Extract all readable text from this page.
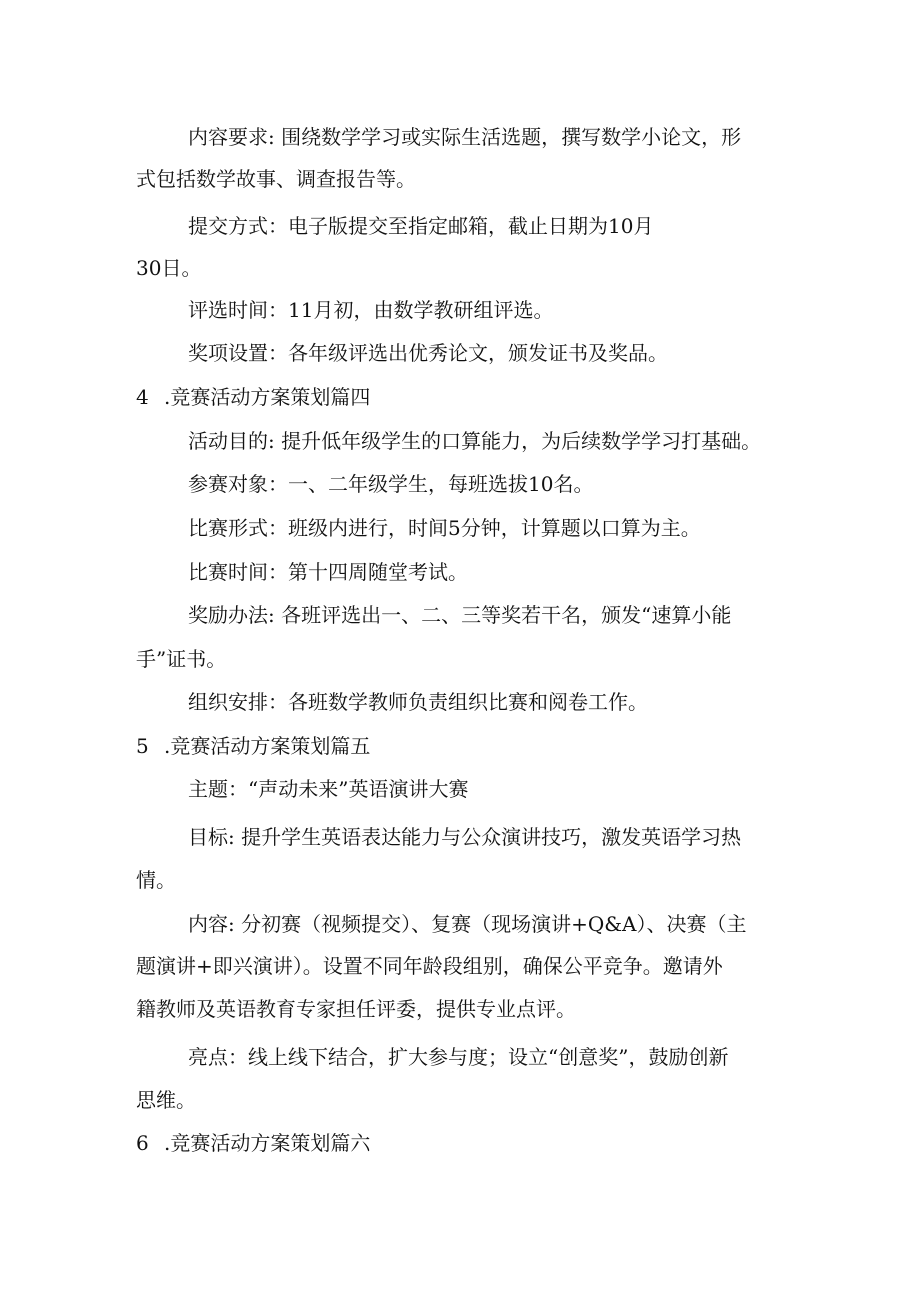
内容要求: 围绕数学学习或实际生活选题，撰写数学小论文，形
式包括数学故事、调查报告等。
提交方式：电子版提交至指定邮箱，截止日期为10月
30日。
评选时间：11月初，由数学教研组评选。
奖项设置：各年级评选出优秀论文，颁发证书及奖品。
4 .竞赛活动方案策划篇四
活动目的: 提升低年级学生的口算能力，为后续数学学习打基础。
参赛对象：一、二年级学生，每班选拔10名。
比赛形式：班级内进行，时间5分钟，计算题以口算为主。
比赛时间：第十四周随堂考试。
奖励办法: 各班评选出一、二、三等奖若干名，颁发“速算小能
手”证书。
组织安排：各班数学教师负责组织比赛和阅卷工作。
5 .竞赛活动方案策划篇五
主题：“声动未来”英语演讲大赛
目标: 提升学生英语表达能力与公众演讲技巧，激发英语学习热
情。
内容: 分初赛（视频提交）、复赛（现场演讲+Q&A）、决赛（主
题演讲+即兴演讲）。设置不同年龄段组别，确保公平竞争。邀请外
籍教师及英语教育专家担任评委，提供专业点评。
亮点：线上线下结合，扩大参与度；设立“创意奖”，鼓励创新
思维。
6 .竞赛活动方案策划篇六
